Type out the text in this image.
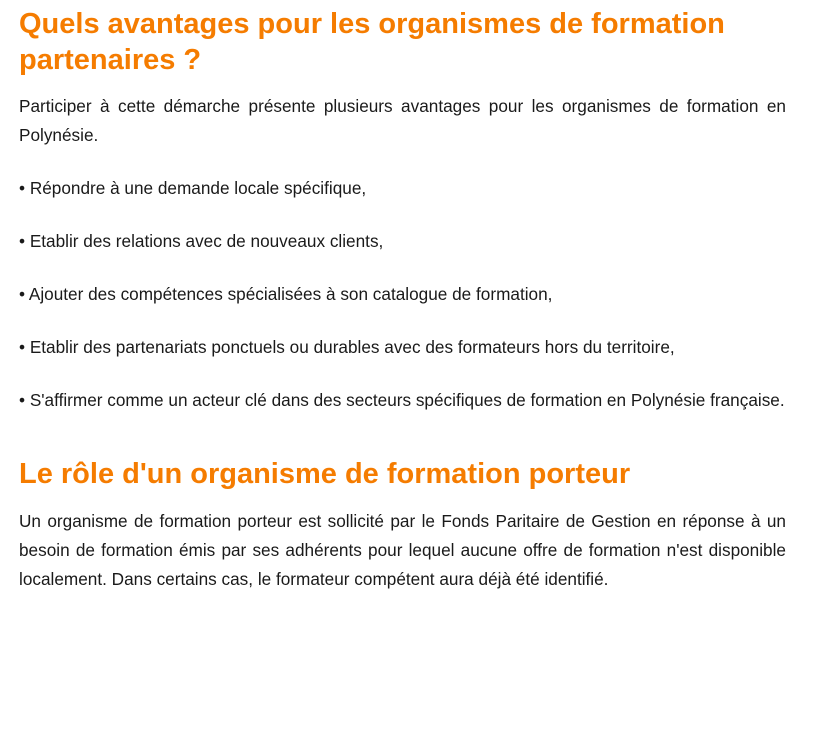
Quels avantages pour les organismes de formation partenaires ?

Participer à cette démarche présente plusieurs avantages pour les organismes de formation en Polynésie.

• Répondre à une demande locale spécifique,

• Etablir des relations avec de nouveaux clients,

• Ajouter des compétences spécialisées à son catalogue de formation,

• Etablir des partenariats ponctuels ou durables avec des formateurs hors du territoire,

• S'affirmer comme un acteur clé dans des secteurs spécifiques de formation en Polynésie française.

Le rôle d'un organisme de formation porteur

Un organisme de formation porteur est sollicité par le Fonds Paritaire de Gestion en réponse à un besoin de formation émis par ses adhérents pour lequel aucune offre de formation n'est disponible localement. Dans certains cas, le formateur compétent aura déjà été identifié.
